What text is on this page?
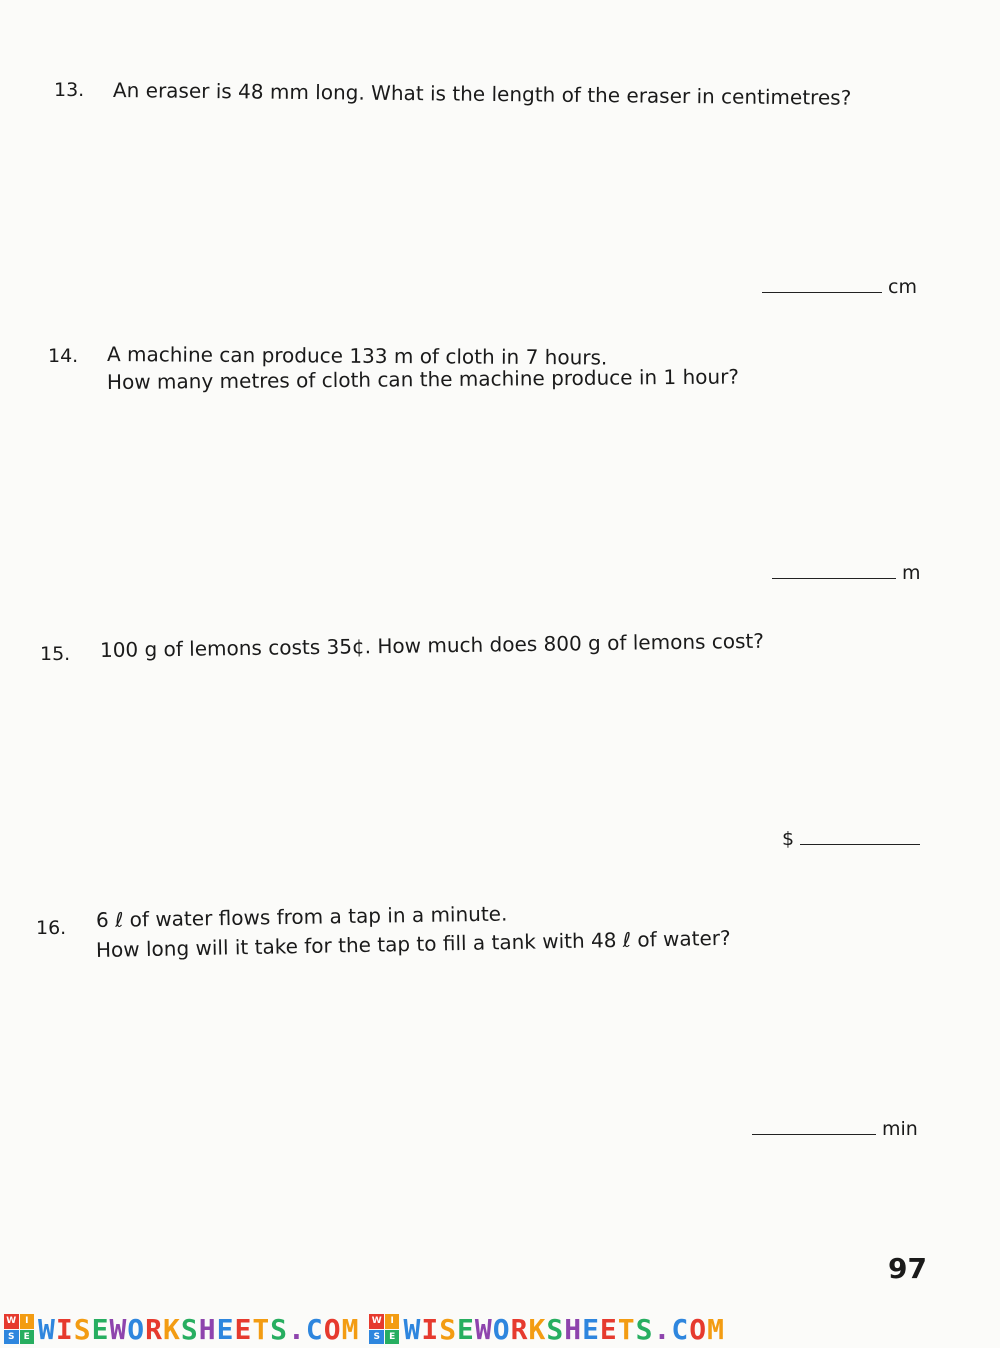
13. An eraser is 48 mm long. What is the length of the eraser in centimetres?
cm
14. A machine can produce 133 m of cloth in 7 hours.
How many metres of cloth can the machine produce in 1 hour?
m
15. 100 g of lemons costs 35¢. How much does 800 g of lemons cost?
$
16. 6 ℓ of water flows from a tap in a minute.
How long will it take for the tap to fill a tank with 48 ℓ of water?
min
97
W I
S	E WISEWORKSHEETS.COM W I
S	E WISEWORKSHEETS.COM
